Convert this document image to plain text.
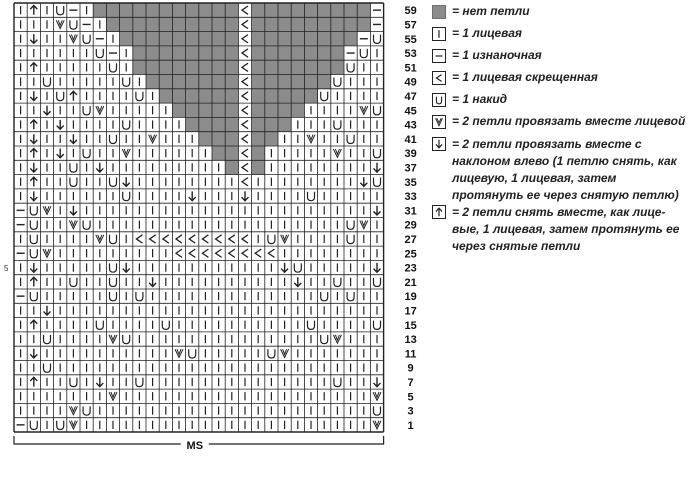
1
3
5
7
9
11
13
15
17
19
21
23
25
27
29
31
33
35
37
39
41
43
45
47
49
51
53
55
57
59
5
MS
= нет петли
= 1 лицевая
= 1 изнаночная
= 1 лицевая скрещенная
= 1 накид
= 2 петли провязать вместе лицевой
= 2 петли провязать вместе с наклоном влево (1 петлю снять, как лицевую, 1 лицевая, затем протянуть ее через снятую петлю)
= 2 петли снять вместе, как лице-вые, 1 лицевая, затем протянуть ее через снятые петли
